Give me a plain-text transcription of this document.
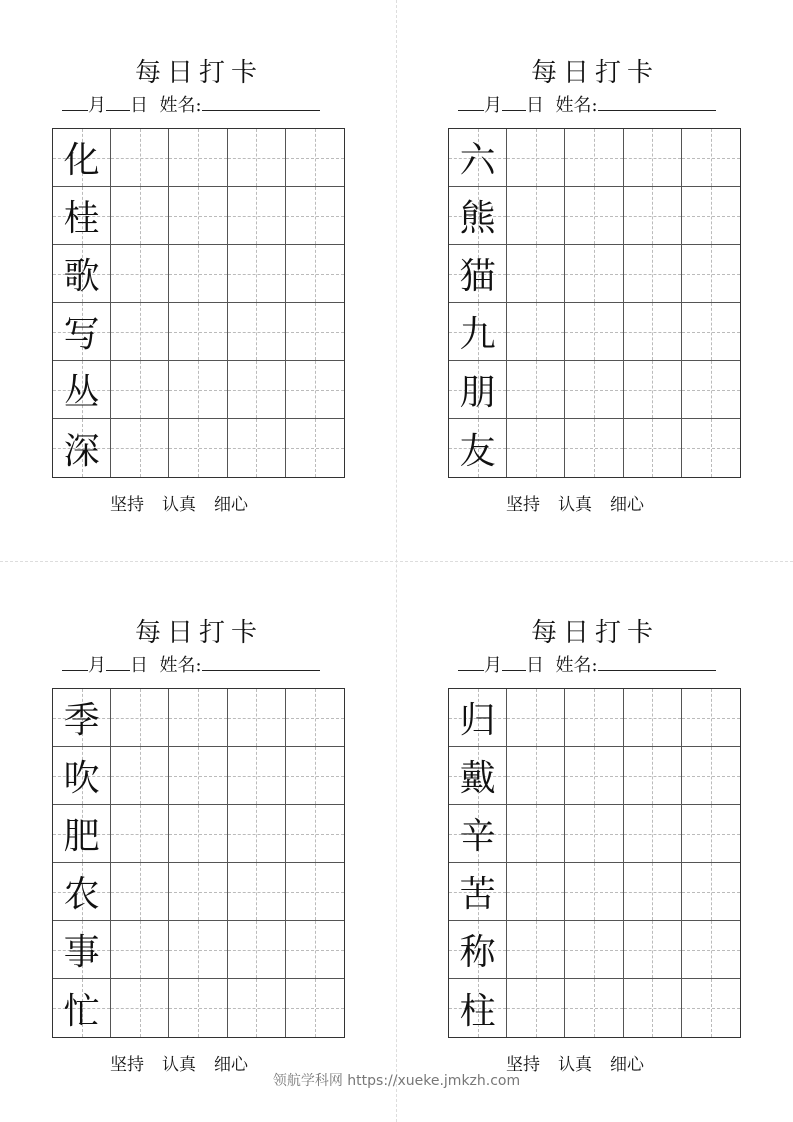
每日打卡
月 日 姓名:
化
桂
歌
写
丛
深
坚持 认真 细心
每日打卡
月 日 姓名:
六
熊
猫
九
朋
友
坚持 认真 细心
每日打卡
月 日 姓名:
季
吹
肥
农
事
忙
坚持 认真 细心
每日打卡
月 日 姓名:
归
戴
辛
苦
称
柱
坚持 认真 细心
领航学科网 https://xueke.jmkzh.com
